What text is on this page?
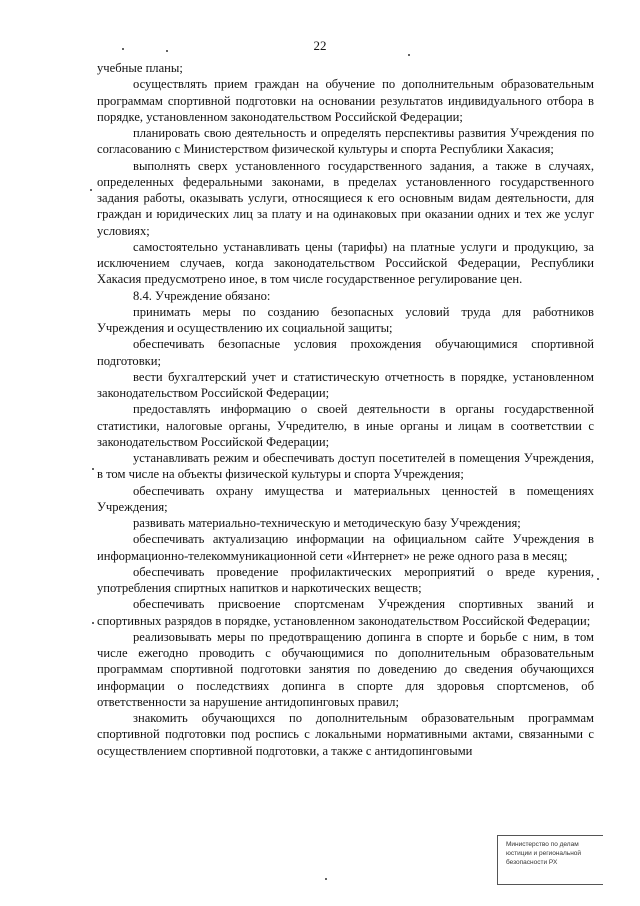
22

учебные планы;

осуществлять прием граждан на обучение по дополнительным образовательным программам спортивной подготовки на основании результатов индивидуального отбора в порядке, установленном законодательством Российской Федерации;

планировать свою деятельность и определять перспективы развития Учреждения по согласованию с Министерством физической культуры и спорта Республики Хакасия;

выполнять сверх установленного государственного задания, а также в случаях, определенных федеральными законами, в пределах установленного государственного задания работы, оказывать услуги, относящиеся к его основным видам деятельности, для граждан и юридических лиц за плату и на одинаковых при оказании одних и тех же услуг условиях;

самостоятельно устанавливать цены (тарифы) на платные услуги и продукцию, за исключением случаев, когда законодательством Российской Федерации, Республики Хакасия предусмотрено иное, в том числе государственное регулирование цен.

8.4. Учреждение обязано:

принимать меры по созданию безопасных условий труда для работников Учреждения и осуществлению их социальной защиты;

обеспечивать безопасные условия прохождения обучающимися спортивной подготовки;

вести бухгалтерский учет и статистическую отчетность в порядке, установленном законодательством Российской Федерации;

предоставлять информацию о своей деятельности в органы государственной статистики, налоговые органы, Учредителю, в иные органы и лицам в соответствии с законодательством Российской Федерации;

устанавливать режим и обеспечивать доступ посетителей в помещения Учреждения, в том числе на объекты физической культуры и спорта Учреждения;

обеспечивать охрану имущества и материальных ценностей в помещениях Учреждения;

развивать материально-техническую и методическую базу Учреждения;

обеспечивать актуализацию информации на официальном сайте Учреждения в информационно-телекоммуникационной сети «Интернет» не реже одного раза в месяц;

обеспечивать проведение профилактических мероприятий о вреде курения, употребления спиртных напитков и наркотических веществ;

обеспечивать присвоение спортсменам Учреждения спортивных званий и спортивных разрядов в порядке, установленном законодательством Российской Федерации;

реализовывать меры по предотвращению допинга в спорте и борьбе с ним, в том числе ежегодно проводить с обучающимися по дополнительным образовательным программам спортивной подготовки занятия по доведению до сведения обучающихся информации о последствиях допинга в спорте для здоровья спортсменов, об ответственности за нарушение антидопинговых правил;

знакомить обучающихся по дополнительным образовательным программам спортивной подготовки под роспись с локальными нормативными актами, связанными с осуществлением спортивной подготовки, а также с антидопинговыми

Министерство по делам
юстиции и региональной
безопасности РХ
